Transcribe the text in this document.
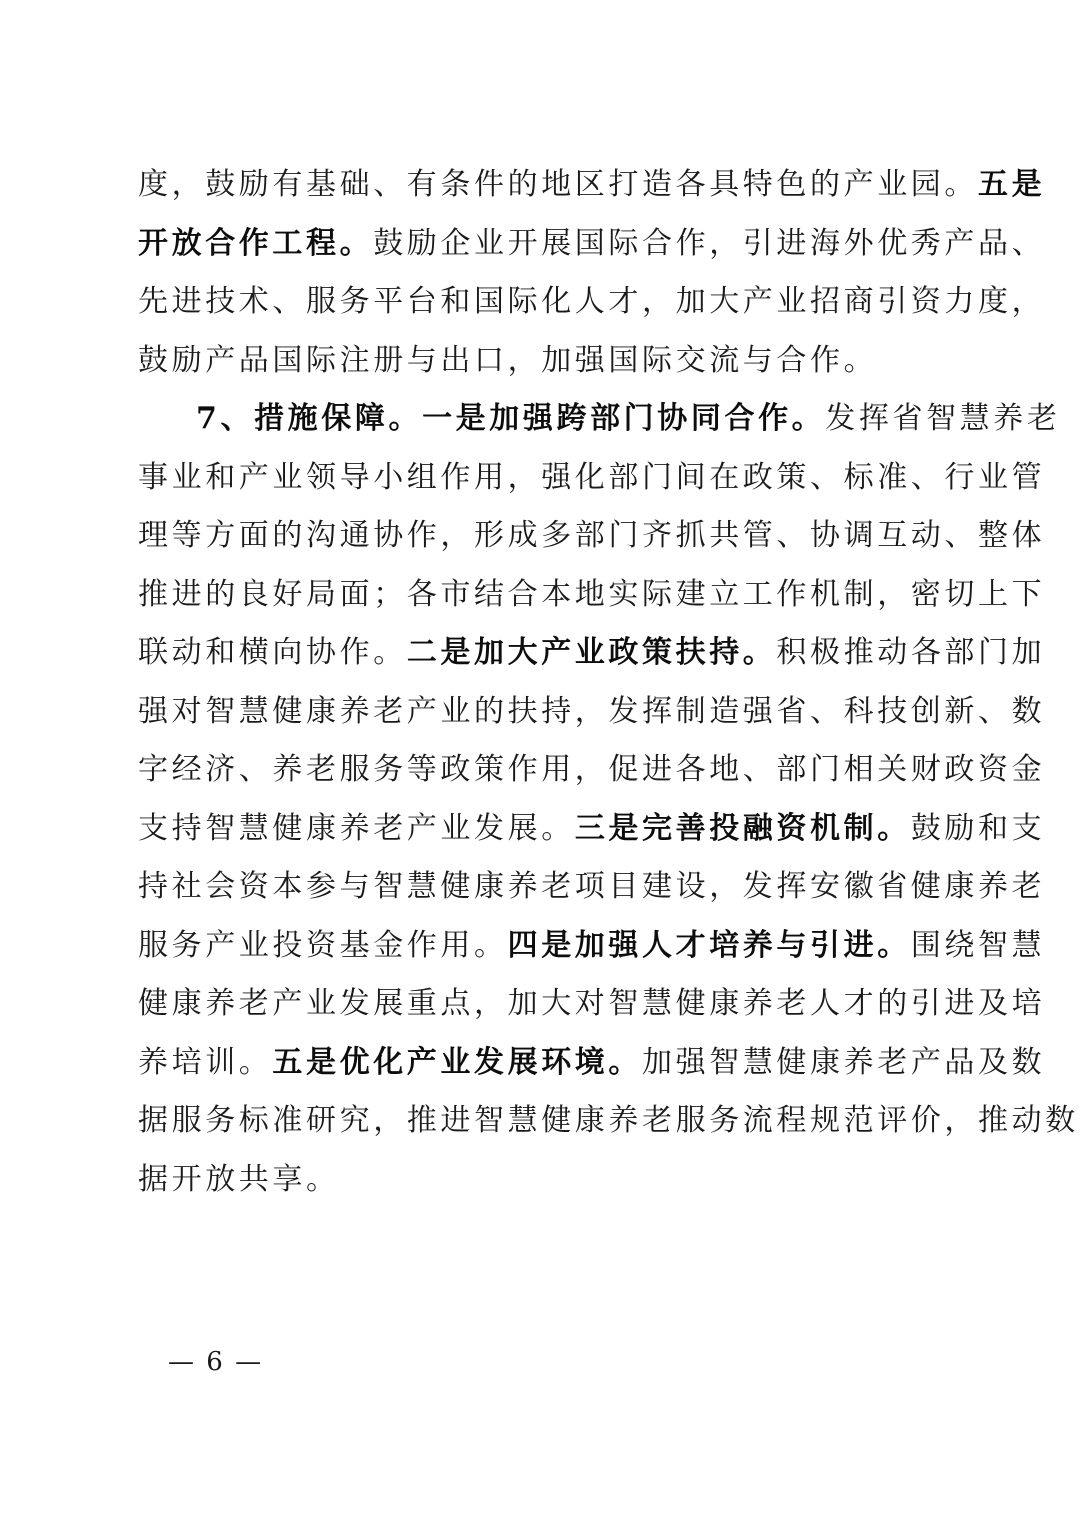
度，鼓励有基础、有条件的地区打造各具特色的产业园。五是
开放合作工程。鼓励企业开展国际合作，引进海外优秀产品、
先进技术、服务平台和国际化人才，加大产业招商引资力度，
鼓励产品国际注册与出口，加强国际交流与合作。
7、措施保障。一是加强跨部门协同合作。发挥省智慧养老
事业和产业领导小组作用，强化部门间在政策、标准、行业管
理等方面的沟通协作，形成多部门齐抓共管、协调互动、整体
推进的良好局面；各市结合本地实际建立工作机制，密切上下
联动和横向协作。二是加大产业政策扶持。积极推动各部门加
强对智慧健康养老产业的扶持，发挥制造强省、科技创新、数
字经济、养老服务等政策作用，促进各地、部门相关财政资金
支持智慧健康养老产业发展。三是完善投融资机制。鼓励和支
持社会资本参与智慧健康养老项目建设，发挥安徽省健康养老
服务产业投资基金作用。四是加强人才培养与引进。围绕智慧
健康养老产业发展重点，加大对智慧健康养老人才的引进及培
养培训。五是优化产业发展环境。加强智慧健康养老产品及数
据服务标准研究，推进智慧健康养老服务流程规范评价，推动数
据开放共享。
— 6 —
